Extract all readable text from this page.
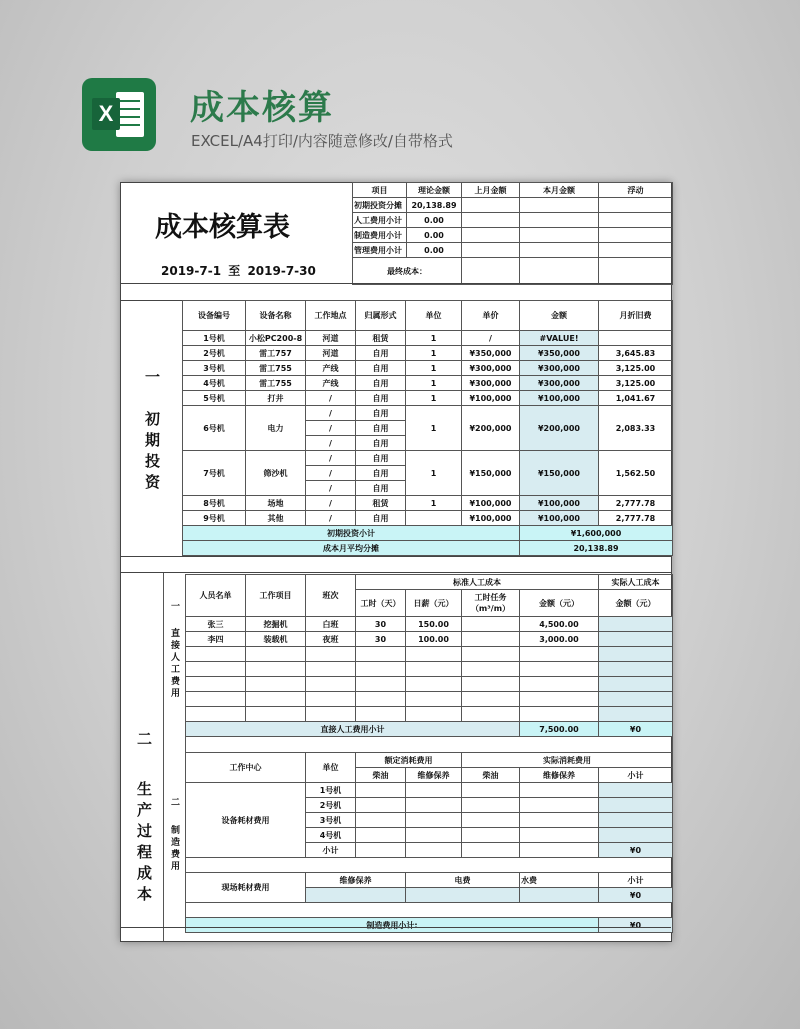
X 成本核算
EXCEL/A4打印/内容随意修改/自带格式
成本核算表
2019-7-1 至 2019-7-30
项目	理论金额	上月金额	本月金额	浮动
初期投资分摊	20,138.89			
人工费用小计	0.00			
制造费用小计	0.00			
管理费用小计	0.00			
最终成本：				
一
初期投资
设备编号	设备名称	工作地点	归属形式	单位	单价	金额	月折旧费
1号机	小松PC200-8	河道	租赁	1	/	#VALUE!	
2号机	雷工757	河道	自用	1	¥350,000	¥350,000	3,645.83
3号机	雷工755	产线	自用	1	¥300,000	¥300,000	3,125.00
4号机	雷工755	产线	自用	1	¥300,000	¥300,000	3,125.00
5号机	打井	/	自用	1	¥100,000	¥100,000	1,041.67
6号机	电力	/	自用	1	¥200,000	¥200,000	2,083.33
		/	自用				
		/	自用				
7号机	筛沙机	/	自用	1	¥150,000	¥150,000	1,562.50
		/	自用				
		/	自用				
8号机	场地	/	租赁	1	¥100,000	¥100,000	2,777.78
9号机	其他	/	自用		¥100,000	¥100,000	2,777.78
初期投资小计						¥1,600,000	
成本月平均分摊						20,138.89	
二
生产过程成本
一
直接人工费用
二
制造费用
人员名单	工作项目	班次	标准人工成本				实际人工成本
			工时（天）	日薪（元）	工时任务（m³/m）	金额（元）	金额（元）
张三	挖掘机	白班	30	150.00		4,500.00	
李四	装载机	夜班	30	100.00		3,000.00	

直接人工费用小计						7,500.00	¥0

工作中心	单位	额定消耗费用		实际消耗费用		
		柴油	维修保养	柴油	维修保养	小计
设备耗材费用	1号机					
	2号机					
	3号机					
	4号机					
	小计					¥0

现场耗材费用	维修保养		电费		水费	小计
						¥0

制造费用小计:						¥0
